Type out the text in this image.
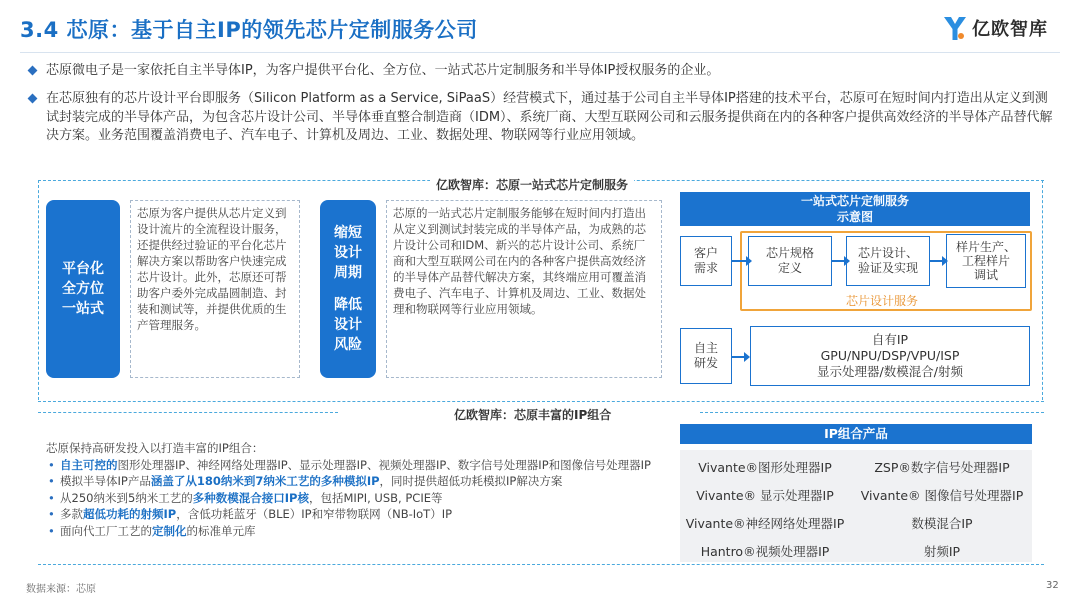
3.4 芯原：基于自主IP的领先芯片定制服务公司	亿欧智库
芯原微电子是一家依托自主半导体IP，为客户提供平台化、全方位、一站式芯片定制服务和半导体IP授权服务的企业。
在芯原独有的芯片设计平台即服务（Silicon Platform as a Service, SiPaaS）经营模式下，通过基于公司自主半导体IP搭建的技术平台，芯原可在短时间内打造出从定义到测试封装完成的半导体产品，为包含芯片设计公司、半导体垂直整合制造商（IDM）、系统厂商、大型互联网公司和云服务提供商在内的各种客户提供高效经济的半导体产品替代解决方案。业务范围覆盖消费电子、汽车电子、计算机及周边、工业、数据处理、物联网等行业应用领域。
亿欧智库：芯原一站式芯片定制服务
平台化
全方位
一站式
芯原为客户提供从芯片定义到设计流片的全流程设计服务，还提供经过验证的平台化芯片解决方案以帮助客户快速完成芯片设计。此外，芯原还可帮助客户委外完成晶圆制造、封装和测试等，并提供优质的生产管理服务。
缩短
设计
周期
降低
设计
风险
芯原的一站式芯片定制服务能够在短时间内打造出从定义到测试封装完成的半导体产品，为成熟的芯片设计公司和IDM、新兴的芯片设计公司、系统厂商和大型互联网公司在内的各种客户提供高效经济的半导体产品替代解决方案，其终端应用可覆盖消费电子、汽车电子、计算机及周边、工业、数据处理和物联网等行业应用领域。
一站式芯片定制服务
示意图
客户
需求
芯片规格
定义
芯片设计、
验证及实现
样片生产、
工程样片
调试
芯片设计服务
自主
研发
自有IP
GPU/NPU/DSP/VPU/ISP
显示处理器/数模混合/射频
亿欧智库：芯原丰富的IP组合
芯原保持高研发投入以打造丰富的IP组合：
• 自主可控的图形处理器IP、神经网络处理器IP、显示处理器IP、视频处理器IP、数字信号处理器IP和图像信号处理器IP
• 模拟半导体IP产品涵盖了从180纳米到7纳米工艺的多种模拟IP，同时提供超低功耗模拟IP解决方案
• 从250纳米到5纳米工艺的多种数模混合接口IP核，包括MIPI, USB, PCIE等
• 多款超低功耗的射频IP，含低功耗蓝牙（BLE）IP和窄带物联网（NB-IoT）IP
• 面向代工厂工艺的定制化的标准单元库
IP组合产品
Vivante®图形处理器IP	ZSP®数字信号处理器IP
Vivante® 显示处理器IP	Vivante® 图像信号处理器IP
Vivante®神经网络处理器IP	数模混合IP
Hantro®视频处理器IP	射频IP
数据来源：芯原	32
